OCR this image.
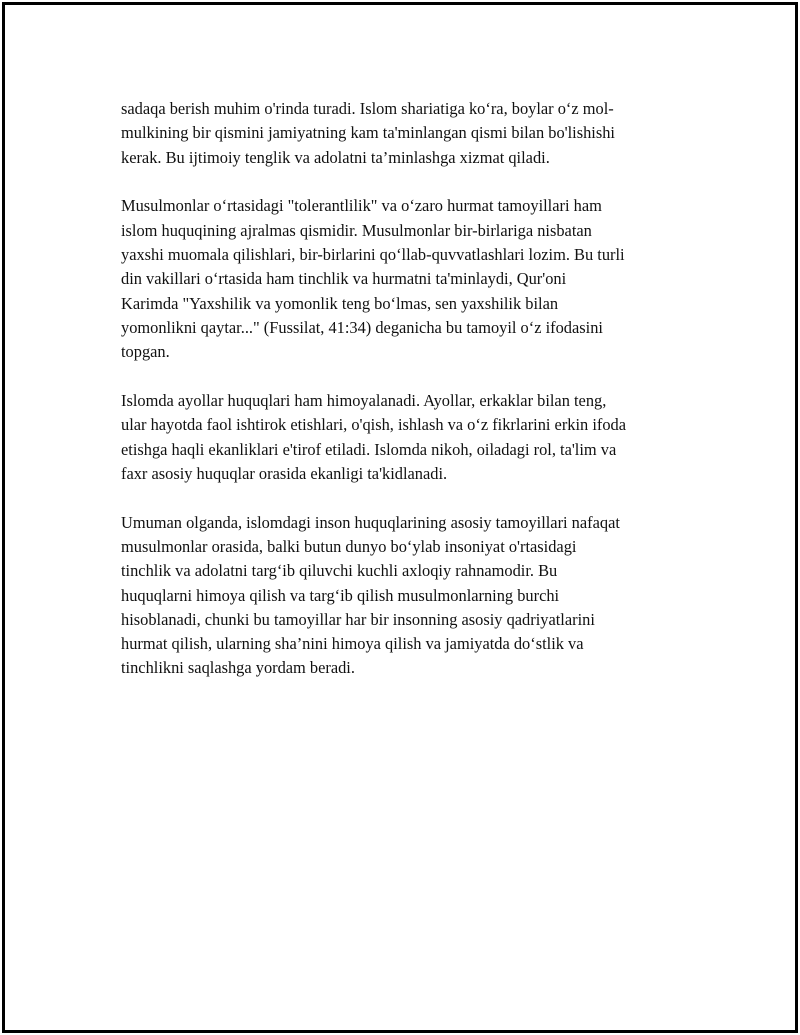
sadaqa berish muhim o'rinda turadi. Islom shariatiga ko‘ra, boylar o‘z mol-
mulkining bir qismini jamiyatning kam ta'minlangan qismi bilan bo'lishishi
kerak. Bu ijtimoiy tenglik va adolatni ta’minlashga xizmat qiladi.

Musulmonlar o‘rtasidagi "tolerantlilik" va o‘zaro hurmat tamoyillari ham
islom huquqining ajralmas qismidir. Musulmonlar bir-birlariga nisbatan
yaxshi muomala qilishlari, bir-birlarini qo‘llab-quvvatlashlari lozim. Bu turli
din vakillari o‘rtasida ham tinchlik va hurmatni ta'minlaydi, Qur'oni
Karimda "Yaxshilik va yomonlik teng bo‘lmas, sen yaxshilik bilan
yomonlikni qaytar..." (Fussilat, 41:34) deganicha bu tamoyil o‘z ifodasini
topgan.

Islomda ayollar huquqlari ham himoyalanadi. Ayollar, erkaklar bilan teng,
ular hayotda faol ishtirok etishlari, o'qish, ishlash va o‘z fikrlarini erkin ifoda
etishga haqli ekanliklari e'tirof etiladi. Islomda nikoh, oiladagi rol, ta'lim va
faxr asosiy huquqlar orasida ekanligi ta'kidlanadi.

Umuman olganda, islomdagi inson huquqlarining asosiy tamoyillari nafaqat
musulmonlar orasida, balki butun dunyo bo‘ylab insoniyat o'rtasidagi
tinchlik va adolatni targ‘ib qiluvchi kuchli axloqiy rahnamodir. Bu
huquqlarni himoya qilish va targ‘ib qilish musulmonlarning burchi
hisoblanadi, chunki bu tamoyillar har bir insonning asosiy qadriyatlarini
hurmat qilish, ularning sha’nini himoya qilish va jamiyatda do‘stlik va
tinchlikni saqlashga yordam beradi.
